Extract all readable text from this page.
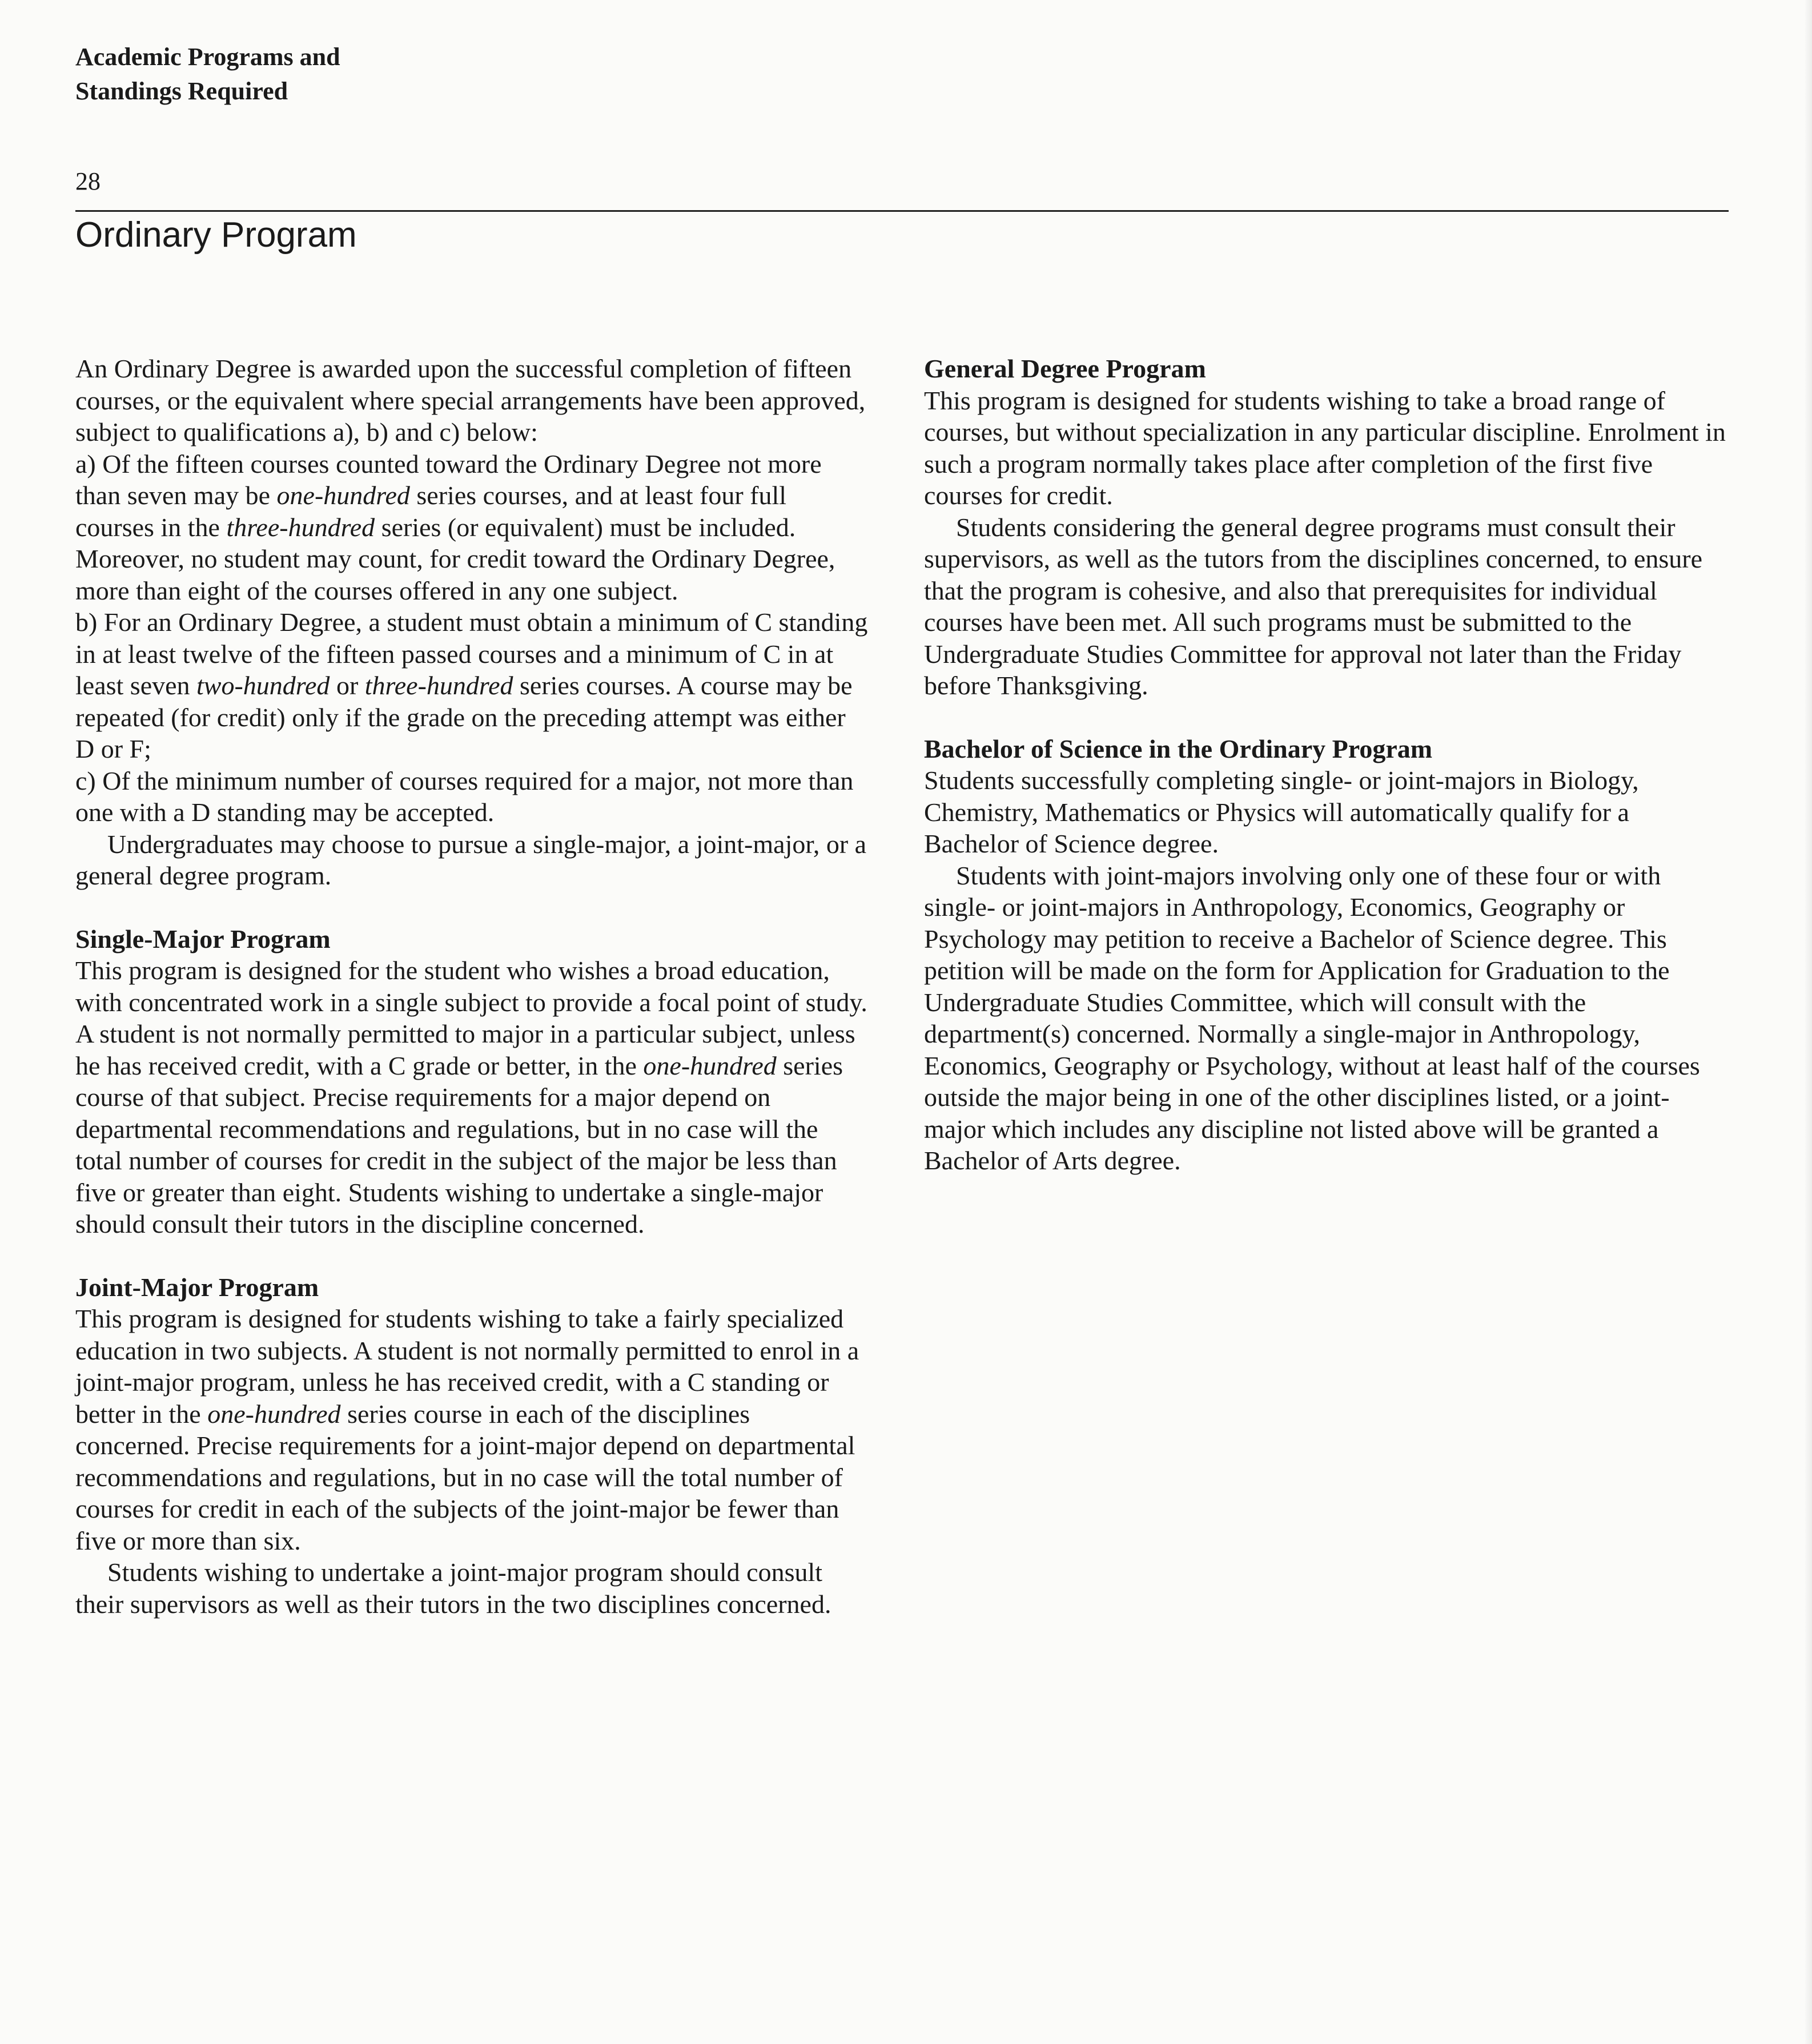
Academic Programs and
Standings Required
28
Ordinary Program

An Ordinary Degree is awarded upon the successful completion of fifteen courses, or the equivalent where special arrangements have been approved, subject to qualifications a), b) and c) below:

a) Of the fifteen courses counted toward the Ordinary Degree not more than seven may be one-hundred series courses, and at least four full courses in the three-hundred series (or equivalent) must be included. Moreover, no student may count, for credit toward the Ordinary Degree, more than eight of the courses offered in any one subject.

b) For an Ordinary Degree, a student must obtain a minimum of C standing in at least twelve of the fifteen passed courses and a minimum of C in at least seven two-hundred or three-hundred series courses. A course may be repeated (for credit) only if the grade on the preceding attempt was either D or F;

c) Of the minimum number of courses required for a major, not more than one with a D standing may be accepted.

Undergraduates may choose to pursue a single-major, a joint-major, or a general degree program.

Single-Major Program

This program is designed for the student who wishes a broad education, with concentrated work in a single subject to provide a focal point of study. A student is not normally permitted to major in a particular subject, unless he has received credit, with a C grade or better, in the one-hundred series course of that subject. Precise requirements for a major depend on departmental recommendations and regulations, but in no case will the total number of courses for credit in the subject of the major be less than five or greater than eight. Students wishing to undertake a single-major should consult their tutors in the discipline concerned.

Joint-Major Program

This program is designed for students wishing to take a fairly specialized education in two subjects. A student is not normally permitted to enrol in a joint-major program, unless he has received credit, with a C standing or better in the one-hundred series course in each of the disciplines concerned. Precise requirements for a joint-major depend on departmental recommendations and regulations, but in no case will the total number of courses for credit in each of the subjects of the joint-major be fewer than five or more than six.

Students wishing to undertake a joint-major program should consult their supervisors as well as their tutors in the two disciplines concerned.

General Degree Program

This program is designed for students wishing to take a broad range of courses, but without specialization in any particular discipline. Enrolment in such a program normally takes place after completion of the first five courses for credit.

Students considering the general degree programs must consult their supervisors, as well as the tutors from the disciplines concerned, to ensure that the program is cohesive, and also that prerequisites for individual courses have been met. All such programs must be submitted to the Undergraduate Studies Committee for approval not later than the Friday before Thanksgiving.

Bachelor of Science in the Ordinary Program

Students successfully completing single- or joint-majors in Biology, Chemistry, Mathematics or Physics will automatically qualify for a Bachelor of Science degree.

Students with joint-majors involving only one of these four or with single- or joint-majors in Anthropology, Economics, Geography or Psychology may petition to receive a Bachelor of Science degree. This petition will be made on the form for Application for Graduation to the Undergraduate Studies Committee, which will consult with the department(s) concerned. Normally a single-major in Anthropology, Economics, Geography or Psychology, without at least half of the courses outside the major being in one of the other disciplines listed, or a joint-major which includes any discipline not listed above will be granted a Bachelor of Arts degree.
